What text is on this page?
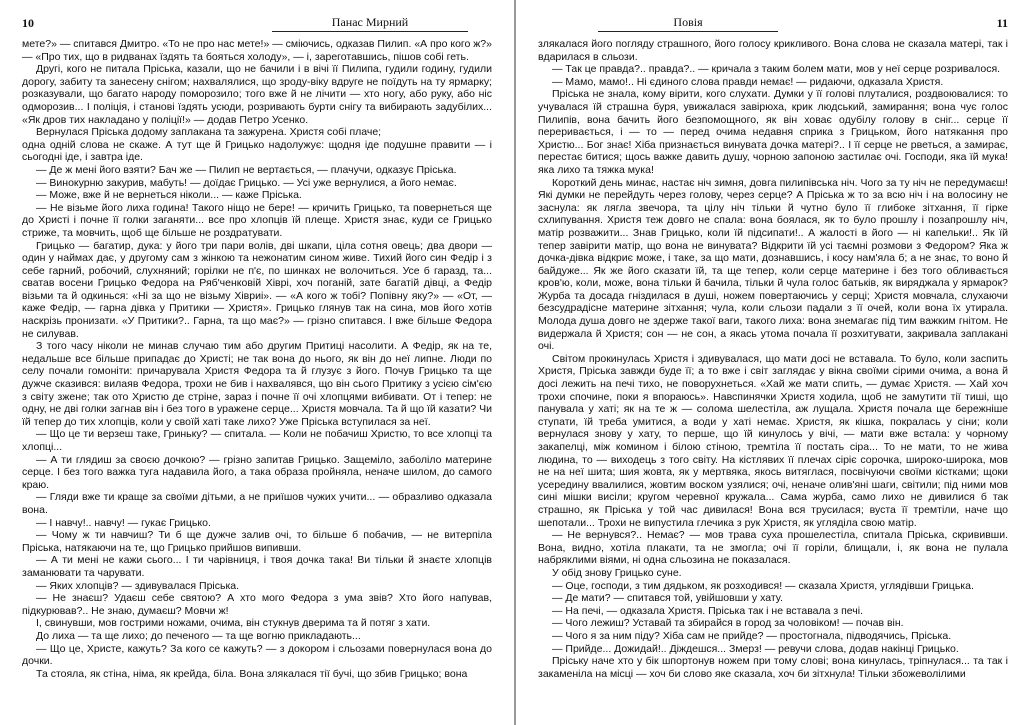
10	Панас Мирний

мете?» — спитався Дмитро. «То не про нас мете!» — сміючись, одказав Пилип. «А про кого ж?» — «Про тих, що в ридванах їздять та бояться холоду», — і, зареготавшись, пішов собі геть.

Другі, кого не питала Пріська, казали, що не бачили і в вічі її Пилипа, гудили годину, гудили дорогу, забиту та занесену снігом; нахвалялися, що зроду-віку вдруге не поїдуть на ту ярмарку; розказували, що багато народу поморозило; того вже й не лічити — хто ногу, або руку, або ніс одморозив... І поліція, і станові їздять усюди, розривають бурти снігу та вибирають задубілих... «Як дров тих накладано у поліції!» — додав Петро Усенко.

Вернулася Пріська додому заплакана та зажурена. Христя собі плаче;

одна одній слова не скаже. А тут ще й Грицько надолужує: щодня іде подушне правити — і сьогодні іде, і завтра іде.

— Де ж мені його взяти? Бач же — Пилип не вертається, — плачучи, одказує Пріська.

— Винокурню закурив, мабуть! — доїдає Грицько. — Усі уже вернулися, а його немає.

— Може, вже й не вернеться ніколи... — каже Пріська.

— Не візьме його лиха година! Такого ніщо не бере! — кричить Грицько, та повернеться ще до Христі і почне її голки заганяти... все про хлопців їй плеще. Христя знає, куди се Грицько стриже, та мовчить, щоб ще більше не роздратувати.

Грицько — багатир, дука: у його три пари волів, дві шкапи, ціла сотня овець; два двори — один у наймах дає, у другому сам з жінкою та нежонатим сином живе. Тихий його син Федір і з себе гарний, робочий, слухняний; горілки не п'є, по шинках не волочиться. Усе б гаразд, та... сватав восени Грицько Федора на Ряб'ченковій Хіврі, хоч поганій, зате багатій дівці, а Федір візьми та й одкинься: «Ні за що не візьму Хівриі». — «А кого ж тобі? Попівну яку?» — «От, — каже Федір, — гарна дівка у Притики — Христя». Грицько глянув так на сина, мов його хотів наскрізь пронизати. «У Притики?.. Гарна, та що має?» — грізно спитався. І вже більше Федора не силував.

З того часу ніколи не минав случаю тим або другим Притиці насолити. А Федір, як на те, недальше все більше припадає до Христі; не так вона до нього, як він до неї липне. Люди по селу почали гомоніти: причарувала Христя Федора та й глузує з його. Почув Грицько та ще дужче сказився: вилаяв Федора, трохи не бив і нахвалявся, що він сього Притику з усією сім'єю з світу зжене; так ото Христю де стріне, зараз і почне її очі хлопцями вибивати. От і тепер: не одну, не дві голки загнав він і без того в уражене серце... Христя мовчала. Та й що їй казати? Чи їй тепер до тих хлопців, коли у своїй хаті таке лихо? Уже Пріська вступилася за неї.

— Що це ти верзеш таке, Гриньку? — спитала. — Коли не побачиш Христю, то все хлопці та хлопці...

— А ти глядиш за своєю дочкою? — грізно запитав Грицько. Защеміло, заболіло материне серце. І без того важка туга надавила його, а така образа пройняла, неначе шилом, до самого краю.

— Гляди вже ти краще за своїми дітьми, а не приїшов чужих учити... — образливо одказала вона.

— І навчу!.. навчу! — гукає Грицько.

— Чому ж ти навчиш? Ти б ще дужче залив очі, то більше б побачив, — не витерпіла Пріська, натякаючи на те, що Грицько прийшов випивши.

— А ти мені не кажи сього... І ти чарівниця, і твоя дочка така! Ви тільки й знаєте хлопців заманювати та чарувати.

— Яких хлопців? — здивувалася Пріська.

— Не знаєш? Удаєш себе святою? А хто мого Федора з ума звів? Хто його напував, підкурював?.. Не знаю, думаєш? Мовчи ж!

І, свинувши, мов гострими ножами, очима, він стукнув дверима та й потяг з хати.

До лиха — та ще лихо; до печеного — та ще вогню прикладають...

— Що це, Христе, кажуть? За кого се кажуть? — з докором і сльозами повернулася вона до дочки.

Та стояла, як стіна, німа, як крейда, біла. Вона злякалася тії бучі, що збив Грицько; вона

Повія	11

злякалася його погляду страшного, його голосу крикливого. Вона слова не сказала матері, так і вдарилася в сльози.

— Так це правда?.. правда?.. — кричала з таким болем мати, мов у неї серце розривалося.

— Мамо, мамо!.. Ні єдиного слова правди немає! — ридаючи, одказала Христя.

Пріська не знала, кому вірити, кого слухати. Думки у її голові плуталися, роздвоювалися: то учувалася їй страшна буря, увижалася завірюха, крик людський, замирання; вона чує голос Пилипів, вона бачить його безпомощного, як він ховає одубілу голову в сніг... серце її переривається, і — то — перед очима недавня сприка з Грицьком, його натякання про Христю... Бог знає! Хіба признається винувата дочка матері?.. І її серце не рветься, а замирає, перестає битися; щось важке давить душу, чорною запоною застилає очі. Господи, яка їй мука! яка лихо та тяжка мука!

Короткий день минає, настає ніч зимня, довга пилипівська ніч. Чого за ту ніч не передумаєш! Які думки не перейдуть через голову, через серце? А Пріська ж то за всю ніч і на волосину не заснула: як лягла звечора, та цілу ніч тільки й чутно було її глибоке зітхання, її гірке схлипування. Христя теж довго не спала: вона боялася, як то було прошлу і позапрошлу ніч, матір розважити... Знав Грицько, коли їй підсипати!.. А жалості в його — ні капельки!.. Як їй тепер завірити матір, що вона не винувата? Відкрити їй усі таємні розмови з Федором? Яка ж дочка-дівка відкриє може, і таке, за що мати, дознавшись, і косу нам'яла б; а не знає, то воно й байдуже... Як же його сказати їй, та ще тепер, коли серце материне і без того обливається кров'ю, коли, може, вона тільки й бачила, тільки й чула голос батьків, як виряджала у ярмарок? Журба та досада гніздилася в душі, ножем повертаючись у серці; Христя мовчала, слухаючи безсудрадісне материне зітхання; чула, коли сльози падали з її очей, коли вона їх утирала. Молода душа довго не здерже такої ваги, такого лиха: вона знемагає під тим важким гнітом. Не видержала й Христя; сон — не сон, а якась утома почала її розхитувати, закривала заплакані очі.

Світом прокинулась Христя і здивувалася, що мати досі не вставала. То було, коли заспить Христя, Пріська завжди буде її; а то вже і світ заглядає у вікна своїми сірими очима, а вона й досі лежить на печі тихо, не поворухнеться. «Хай же мати спить, — думає Христя. — Хай хоч трохи спочине, поки я впораюсь». Навспинячки Христя ходила, щоб не замутити тії тиші, що панувала у хаті; як на те ж — солома шелестіла, аж лущала. Христя почала ще бережніше ступати, їй треба умитися, а води у хаті немає. Христя, як кішка, покралась у сіни; коли вернулася знову у хату, то перше, що їй кинулось у вічі, — мати вже встала: у чорному закапелці, між комином і білою стіною, тремтіла її постать сіра... То не мати, то не жива людина, то — виходець з того світу. На кістлявих її плечах сіріє сорочка, широко-широка, мов не на неї шита; шия жовта, як у мертвяка, якось витяглася, посвічуючи своїми кістками; щоки усередину ввалилися, жовтим воском узялися; очі, неначе олив'яні шаги, світили; під ними мов сині мішки висіли; кругом черевної кружала... Сама журба, само лихо не дивилися б так страшно, як Пріська у той час дивилася! Вона вся трусилася; вуста її тремтіли, наче що шепотали... Трохи не випустила глечика з рук Христя, як угляділа свою матір.

— Не вернувся?.. Немає? — мов трава суха прошелестіла, спитала Пріська, скрививши. Вона, видно, хотіла плакати, та не змогла; очі її горіли, блищали, і, як вона не пулала набряклими віями, ні одна сльозина не показалася.

У обід знову Грицько суне.

— Оце, господи, з тим дядьком, як розходився! — сказала Христя, углядівши Грицька.

— Де мати? — спитався той, увійшовши у хату.

— На печі, — одказала Христя. Пріська так і не вставала з печі.

— Чого лежиш? Уставай та збирайся в город за чоловіком! — почав він.

— Чого я за ним піду? Хіба сам не прийде? — простогнала, підводячись, Пріська.

— Прийде... Дожидай!.. Діждешся... Змерз! — ревучи слова, додав накінці Грицько.

Пріську наче хто у бік шпортонув ножем при тому слові; вона кинулась, тріпнулася... та так і закаменіла на місці — хоч би слово яке сказала, хоч би зітхнула! Тільки збожеволілими
